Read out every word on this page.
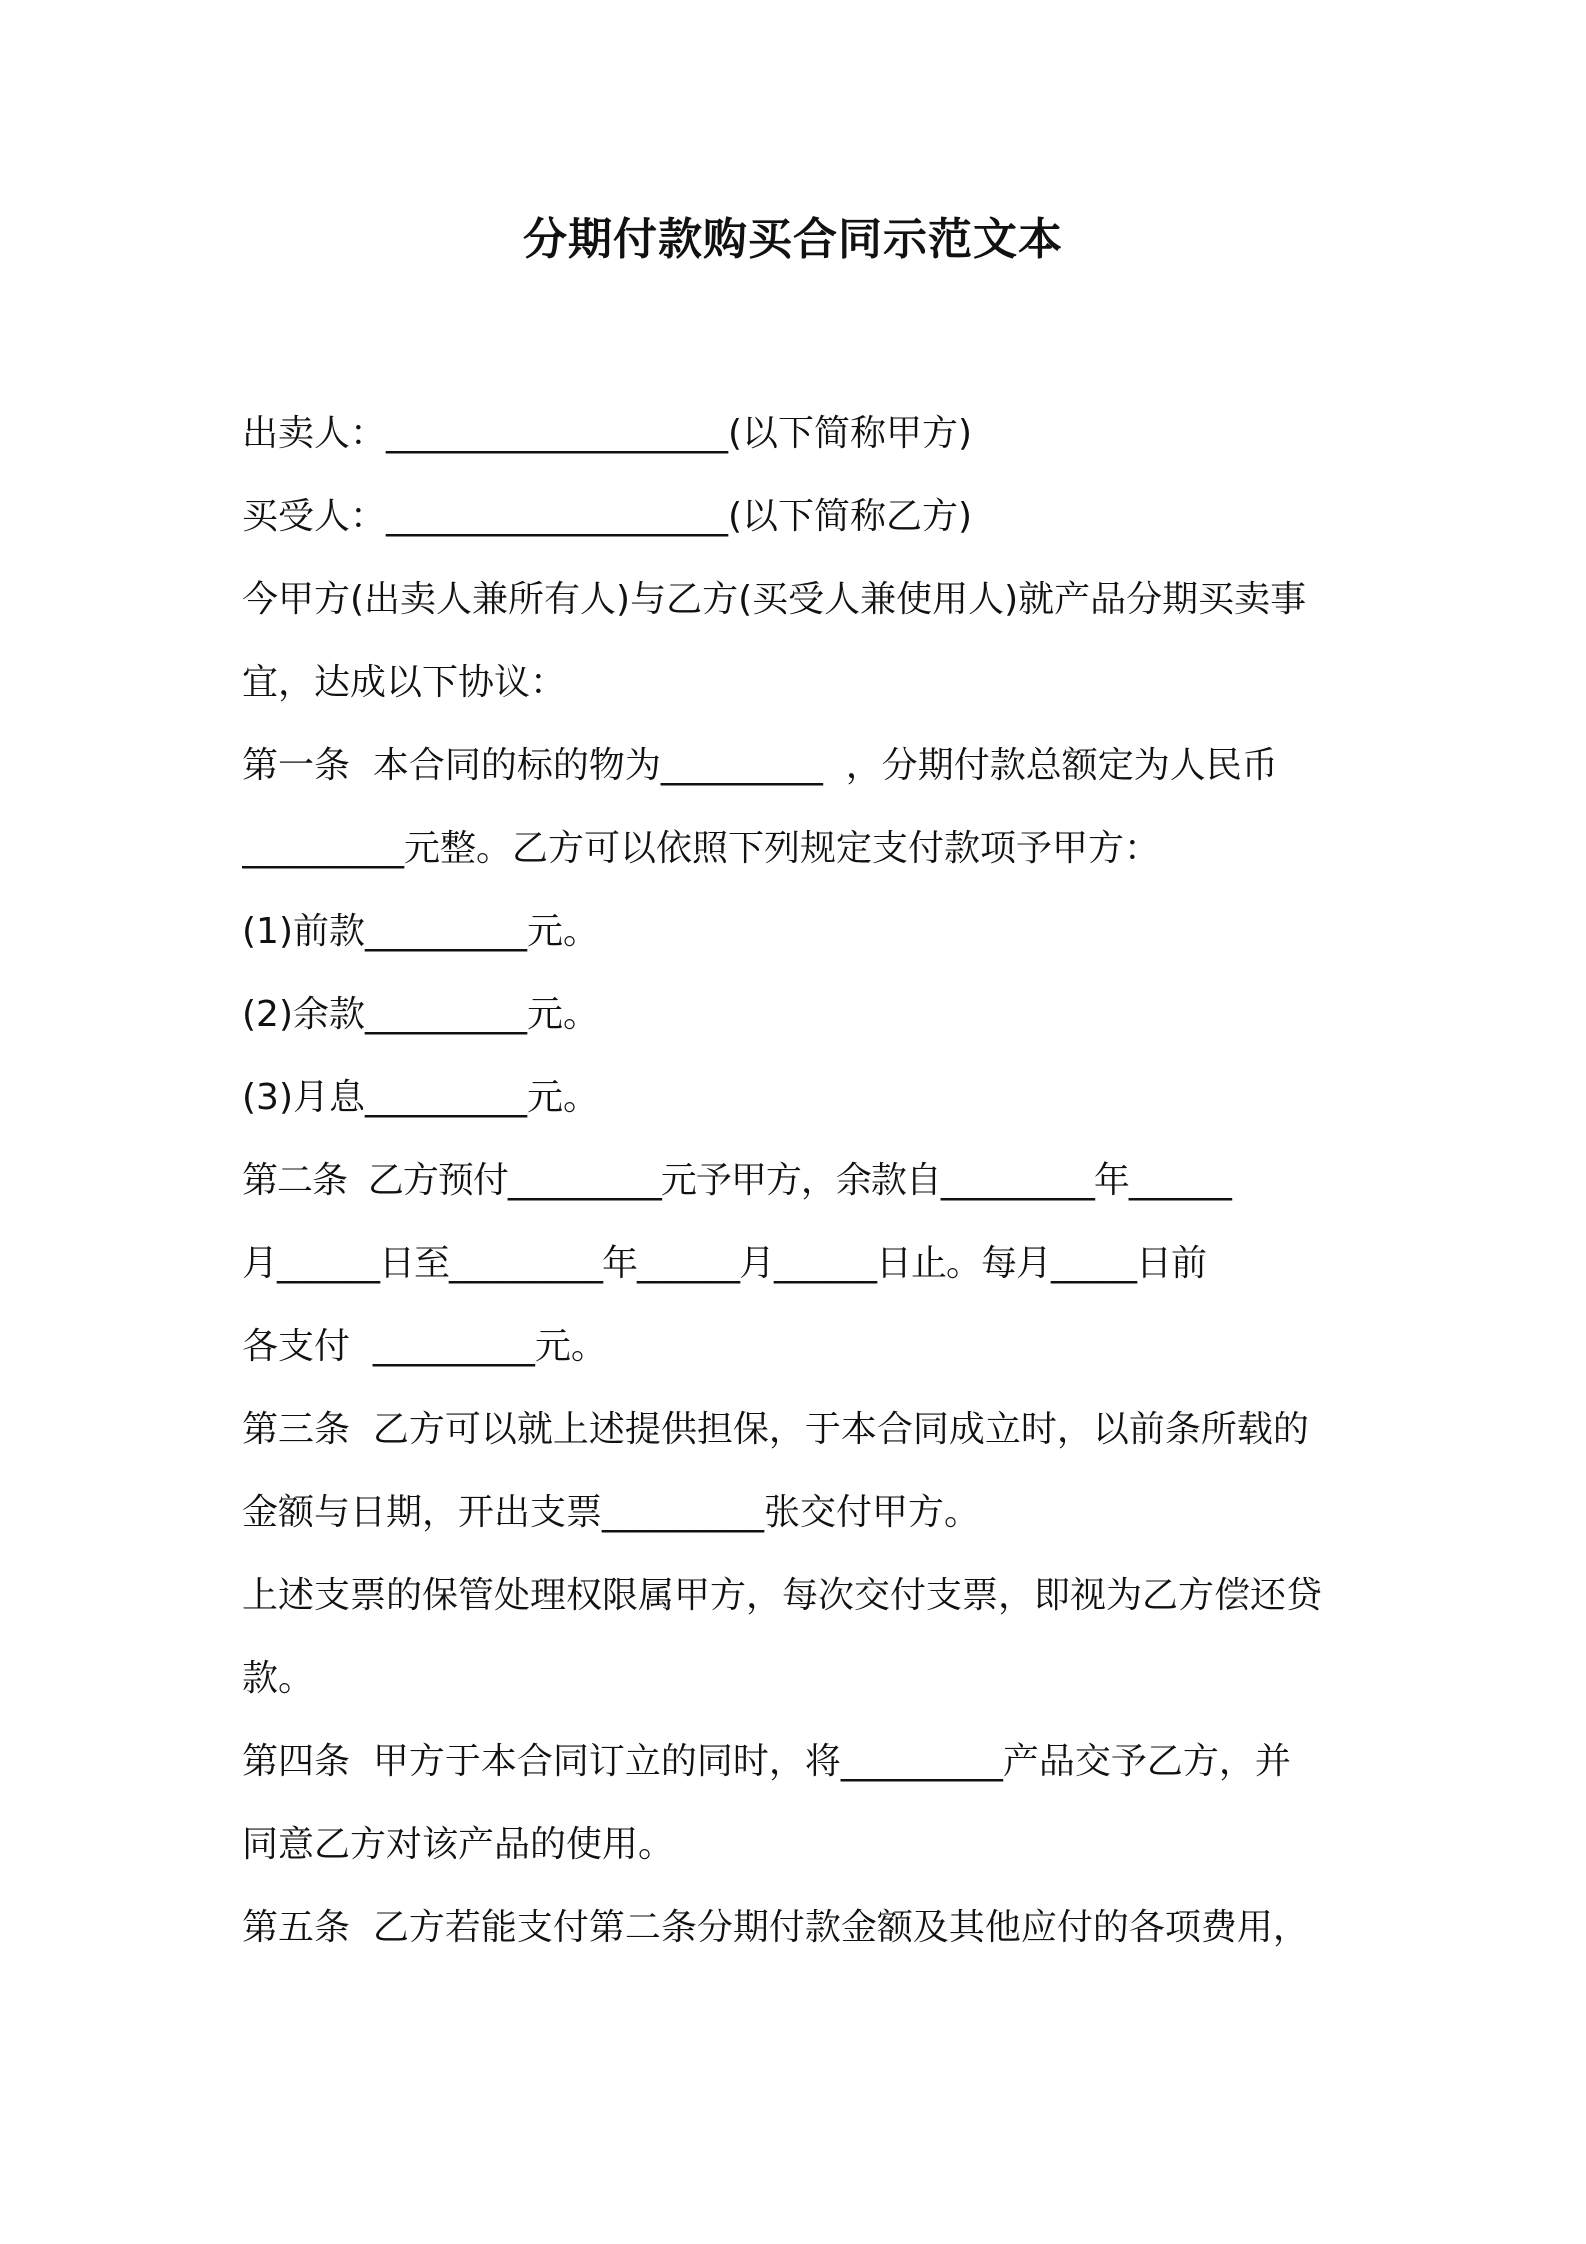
分期付款购买合同示范文本
出卖人：___________________(以下简称甲方)
买受人：___________________(以下简称乙方)
今甲方(出卖人兼所有人)与乙方(买受人兼使用人)就产品分期买卖事
宜，达成以下协议：
第一条  本合同的标的物为_________  ，分期付款总额定为人民币
_________元整。乙方可以依照下列规定支付款项予甲方：
(1)前款_________元。
(2)余款_________元。
(3)月息_________元。
第二条  乙方预付_________元予甲方，余款自_________年______
月______日至_________年______月______日止。每月_____日前
各支付  _________元。
第三条  乙方可以就上述提供担保，于本合同成立时，以前条所载的
金额与日期，开出支票_________张交付甲方。
上述支票的保管处理权限属甲方，每次交付支票，即视为乙方偿还贷
款。
第四条  甲方于本合同订立的同时，将_________产品交予乙方，并
同意乙方对该产品的使用。
第五条  乙方若能支付第二条分期付款金额及其他应付的各项费用，
